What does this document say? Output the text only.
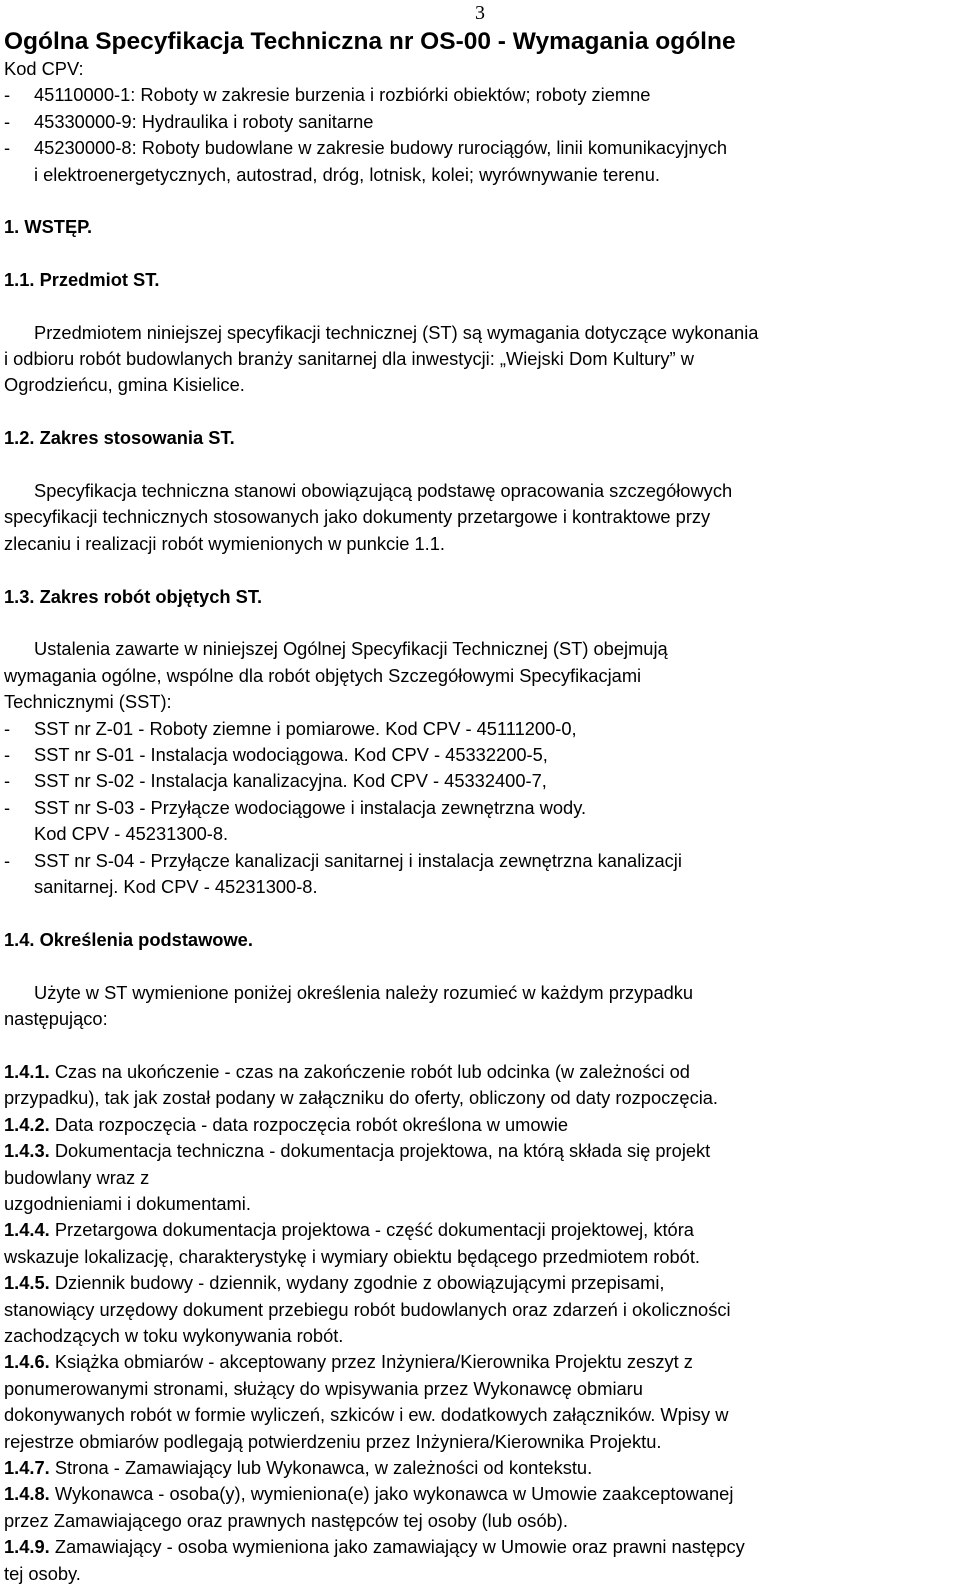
3
Ogólna Specyfikacja Techniczna nr OS-00 - Wymagania ogólne
Kod CPV:
-	45110000-1: Roboty w zakresie burzenia i rozbiórki obiektów; roboty ziemne
-	45330000-9: Hydraulika i roboty sanitarne
-	45230000-8: Roboty budowlane w zakresie budowy rurociągów, linii komunikacyjnych
i elektroenergetycznych, autostrad, dróg, lotnisk, kolei; wyrównywanie terenu.
1. WSTĘP.
1.1. Przedmiot ST.
Przedmiotem niniejszej specyfikacji technicznej (ST) są wymagania dotyczące wykonania
i odbioru robót budowlanych branży sanitarnej dla inwestycji: „Wiejski Dom Kultury” w
Ogrodzieńcu, gmina Kisielice.
1.2. Zakres stosowania ST.
Specyfikacja techniczna stanowi obowiązującą podstawę opracowania szczegółowych
specyfikacji technicznych stosowanych jako dokumenty przetargowe i kontraktowe przy
zlecaniu i realizacji robót wymienionych w punkcie 1.1.
1.3. Zakres robót objętych ST.
Ustalenia zawarte w niniejszej Ogólnej Specyfikacji Technicznej (ST) obejmują
wymagania ogólne, wspólne dla robót objętych Szczegółowymi Specyfikacjami
Technicznymi (SST):
-	SST nr Z-01 - Roboty ziemne i pomiarowe. Kod CPV - 45111200-0,
-	SST nr S-01 - Instalacja wodociągowa. Kod CPV - 45332200-5,
-	SST nr S-02 - Instalacja kanalizacyjna. Kod CPV - 45332400-7,
-	SST nr S-03 - Przyłącze wodociągowe i instalacja zewnętrzna wody.
Kod CPV - 45231300-8.
-	SST nr S-04 - Przyłącze kanalizacji sanitarnej i instalacja zewnętrzna kanalizacji
sanitarnej. Kod CPV - 45231300-8.
1.4. Określenia podstawowe.
Użyte w ST wymienione poniżej określenia należy rozumieć w każdym przypadku
następująco:
1.4.1. Czas na ukończenie - czas na zakończenie robót lub odcinka (w zależności od
przypadku), tak jak został podany w załączniku do oferty, obliczony od daty rozpoczęcia.
1.4.2. Data rozpoczęcia - data rozpoczęcia robót określona w umowie
1.4.3. Dokumentacja techniczna - dokumentacja projektowa, na którą składa się projekt
budowlany wraz z
uzgodnieniami i dokumentami.
1.4.4. Przetargowa dokumentacja projektowa - część dokumentacji projektowej, która
wskazuje lokalizację, charakterystykę i wymiary obiektu będącego przedmiotem robót.
1.4.5. Dziennik budowy - dziennik, wydany zgodnie z obowiązującymi przepisami,
stanowiący urzędowy dokument przebiegu robót budowlanych oraz zdarzeń i okoliczności
zachodzących w toku wykonywania robót.
1.4.6. Książka obmiarów - akceptowany przez Inżyniera/Kierownika Projektu zeszyt z
ponumerowanymi stronami, służący do wpisywania przez Wykonawcę obmiaru
dokonywanych robót w formie wyliczeń, szkiców i ew. dodatkowych załączników. Wpisy w
rejestrze obmiarów podlegają potwierdzeniu przez Inżyniera/Kierownika Projektu.
1.4.7. Strona - Zamawiający lub Wykonawca, w zależności od kontekstu.
1.4.8. Wykonawca - osoba(y), wymieniona(e) jako wykonawca w Umowie zaakceptowanej
przez Zamawiającego oraz prawnych następców tej osoby (lub osób).
1.4.9. Zamawiający - osoba wymieniona jako zamawiający w Umowie oraz prawni następcy
tej osoby.
